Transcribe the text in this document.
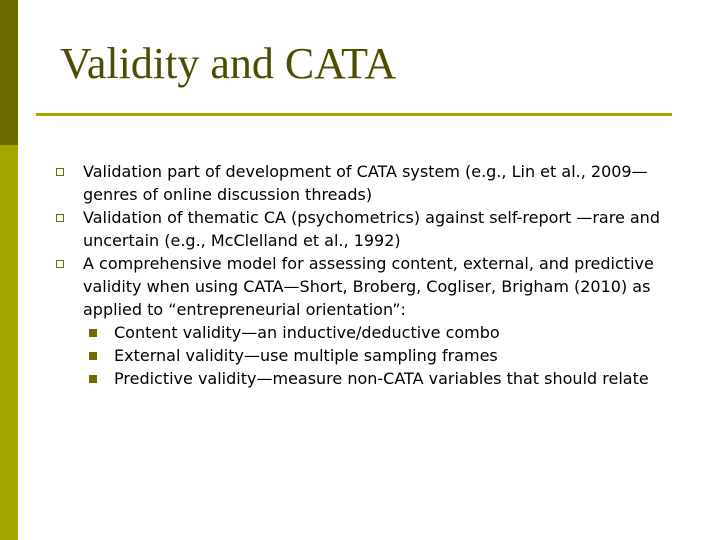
Validity and CATA
Validation part of development of CATA system (e.g., Lin et al., 2009—genres of online discussion threads)
Validation of thematic CA (psychometrics) against self-report —rare and uncertain (e.g., McClelland et al., 1992)
A comprehensive model for assessing content, external, and predictive validity when using CATA—Short, Broberg, Cogliser, Brigham (2010) as applied to “entrepreneurial orientation”:
Content validity—an inductive/deductive combo
External validity—use multiple sampling frames
Predictive validity—measure non-CATA variables that should relate
